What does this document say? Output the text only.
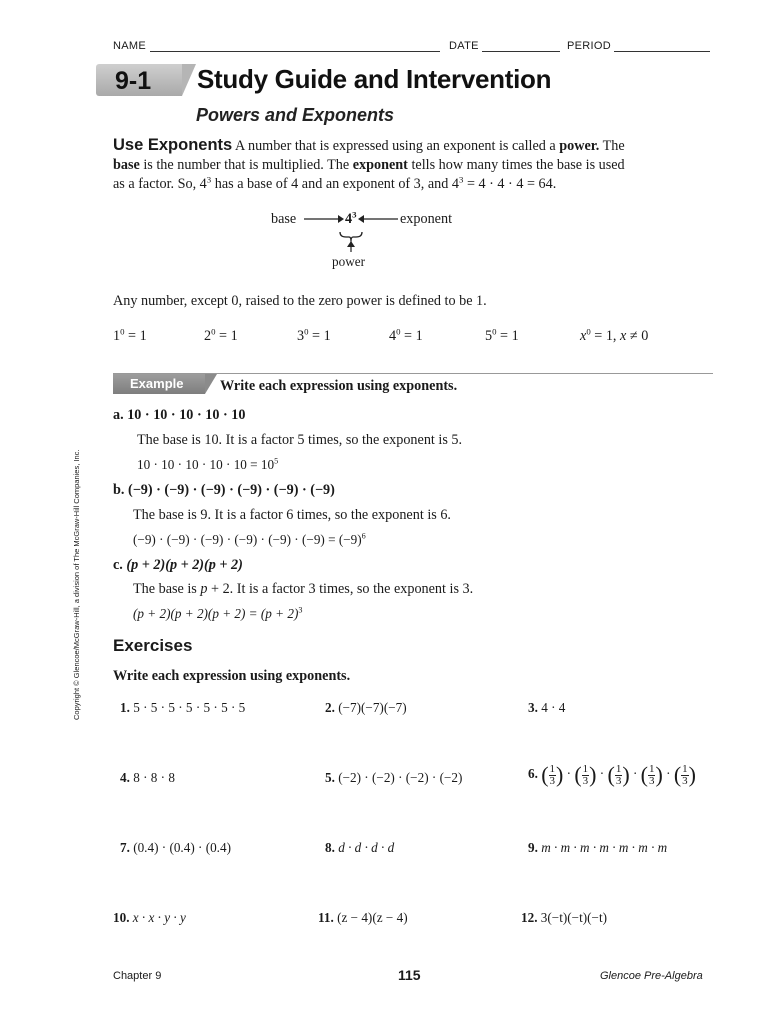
NAME	DATE	PERIOD
9-1 Study Guide and Intervention
Powers and Exponents
Use Exponents A number that is expressed using an exponent is called a power. The
base is the number that is multiplied. The exponent tells how many times the base is used
as a factor. So, $4^3$ has a base of 4 and an exponent of 3, and $4^3 = 4 \cdot 4 \cdot 4 = 64$.
base	$4^3$	exponent
power
Any number, except 0, raised to the zero power is defined to be 1.
$1^0 = 1$	$2^0 = 1$	$3^0 = 1$	$4^0 = 1$	$5^0 = 1$	$x^0 = 1$, x ≠ 0
Example	Write each expression using exponents.
a. 10 · 10 · 10 · 10 · 10
The base is 10. It is a factor 5 times, so the exponent is 5.
$10 \cdot 10 \cdot 10 \cdot 10 \cdot 10 = 10^5$
b. (−9) · (−9) · (−9) · (−9) · (−9) · (−9)
The base is 9. It is a factor 6 times, so the exponent is 6.
$(-9) \cdot (-9) \cdot (-9) \cdot (-9) \cdot (-9) \cdot (-9) = (-9)^6$
c. (p + 2)(p + 2)(p + 2)
The base is p + 2. It is a factor 3 times, so the exponent is 3.
$(p + 2)(p + 2)(p + 2) = (p + 2)^3$
Exercises
Write each expression using exponents.
1. 5 · 5 · 5 · 5 · 5 · 5 · 5	2. (−7)(−7)(−7)	3. 4 · 4
4. 8 · 8 · 8	5. (−2) · (−2) · (−2) · (−2)	6. ( $\frac{1}{3}$ ) · ( $\frac{1}{3}$ ) · ( $\frac{1}{3}$ ) · ( $\frac{1}{3}$ ) · ( $\frac{1}{3}$ )
7. (0.4) · (0.4) · (0.4)	8. d · d · d · d	9. m · m · m · m · m · m · m
10. x · x · y · y	11. (z − 4)(z − 4)	12. 3(−t)(−t)(−t)
Copyright © Glencoe/McGraw-Hill, a division of The McGraw-Hill Companies, Inc.
Chapter 9	115	Glencoe Pre-Algebra
